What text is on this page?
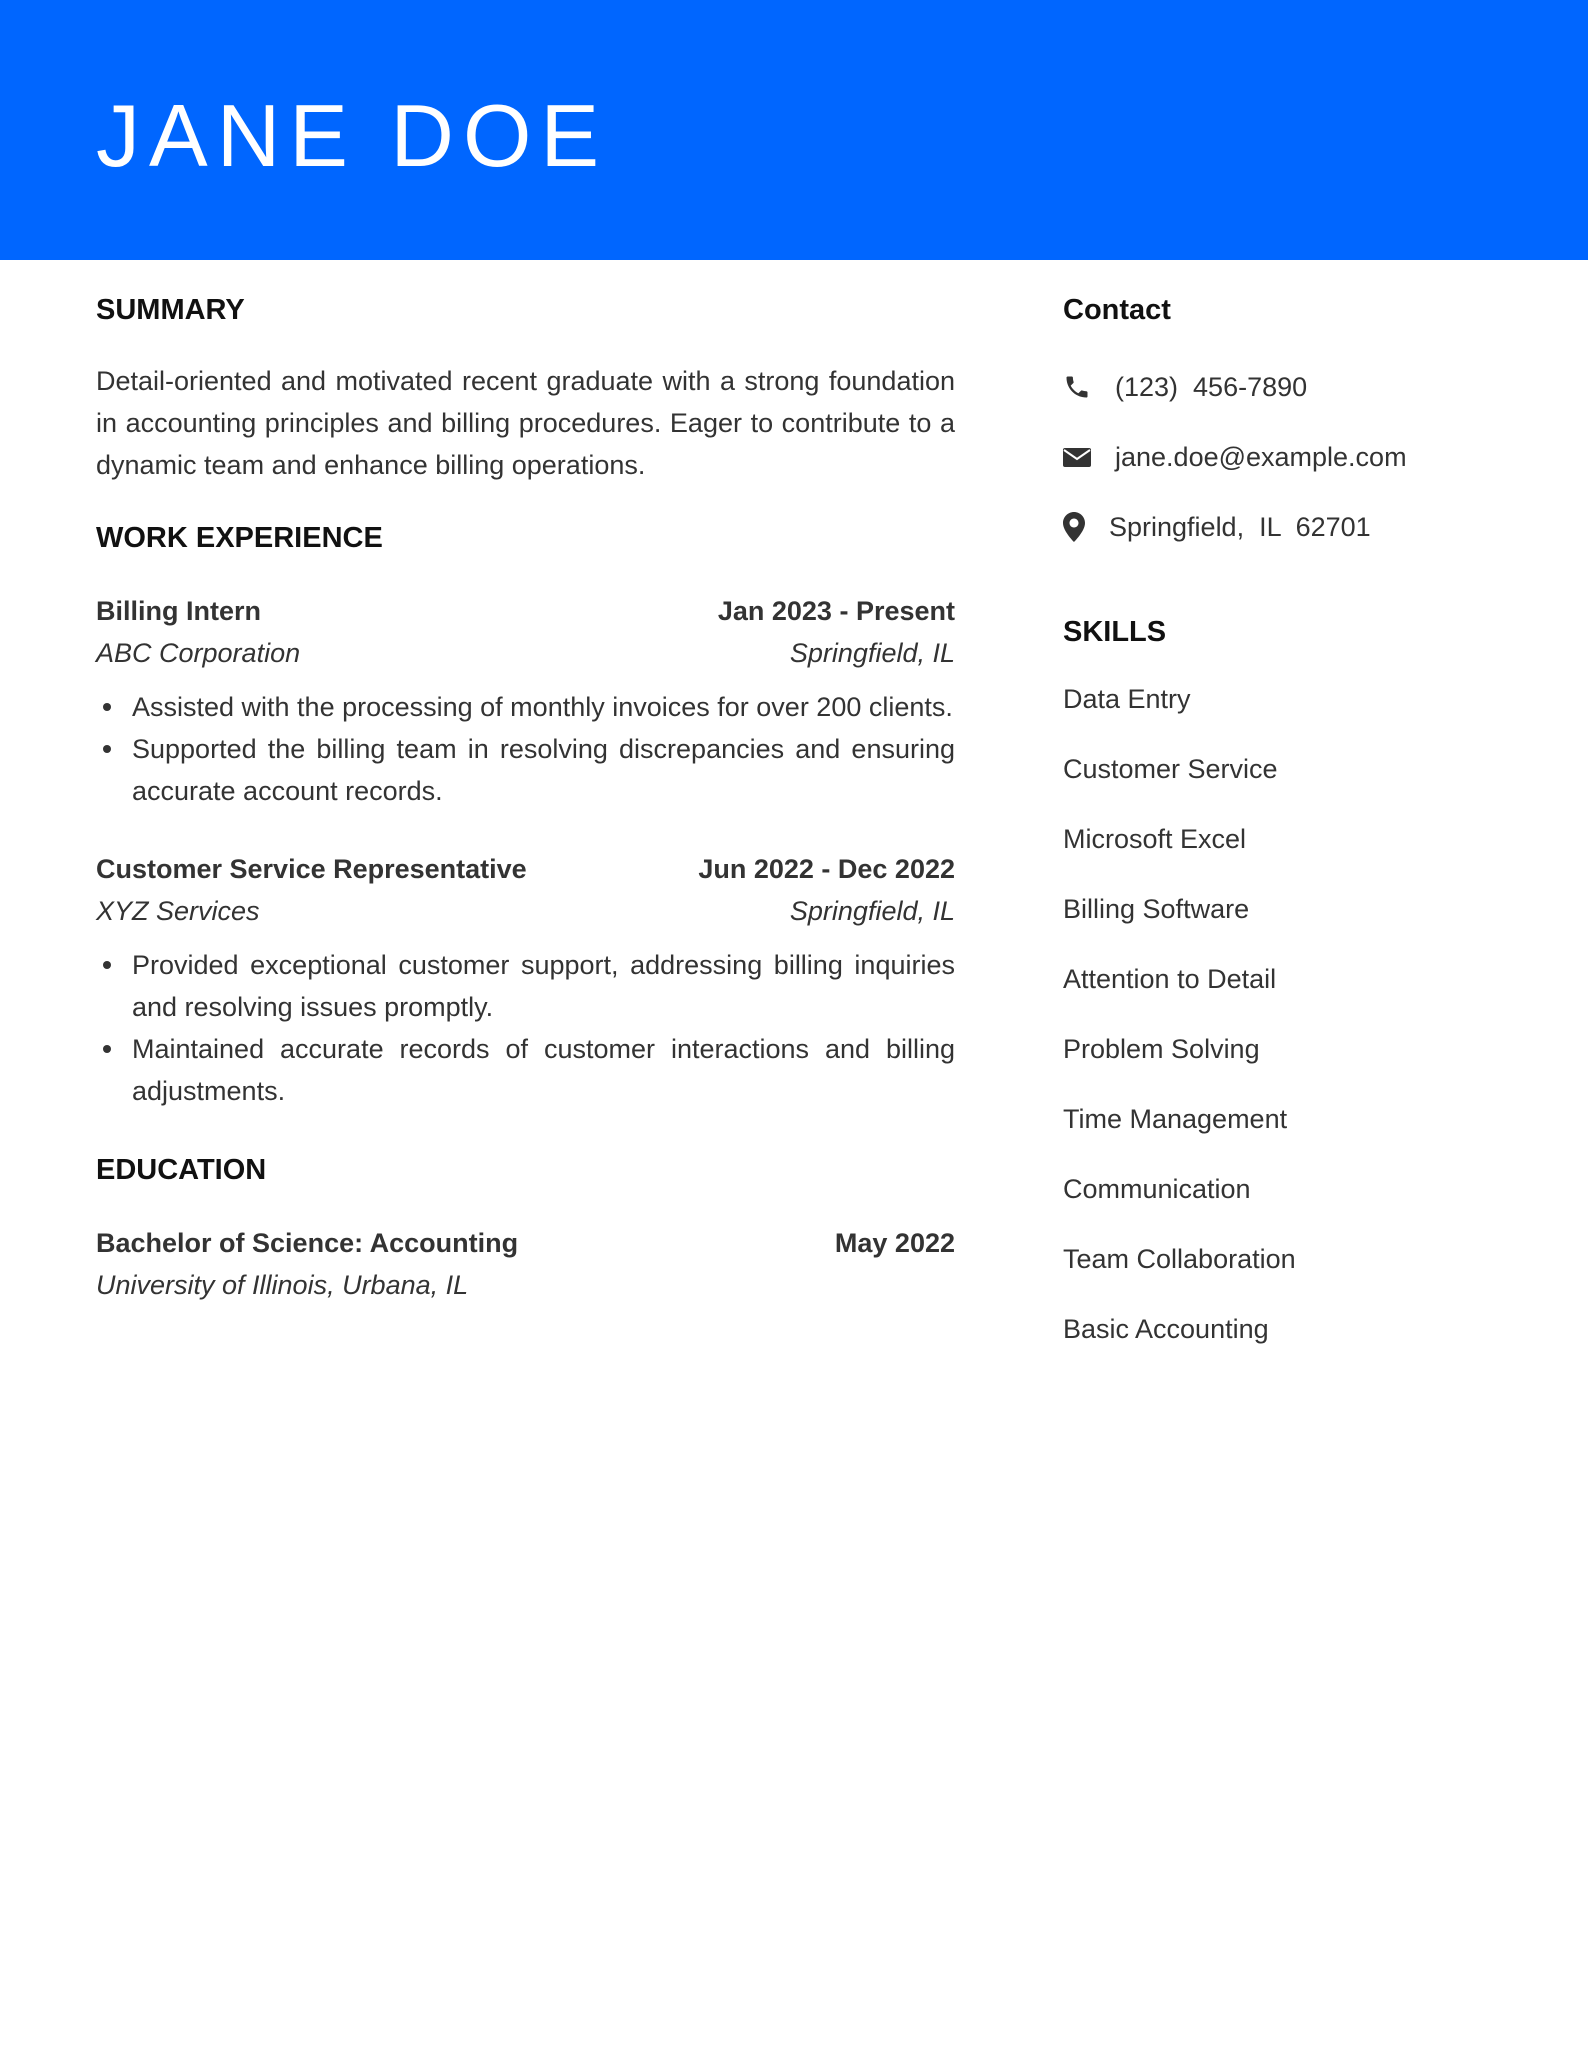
JANE DOE
SUMMARY

Detail-oriented and motivated recent graduate with a strong foundation in accounting principles and billing procedures. Eager to contribute to a dynamic team and enhance billing operations.

WORK EXPERIENCE
Billing Intern	Jan 2023 - Present
ABC Corporation	Springfield, IL
Assisted with the processing of monthly invoices for over 200 clients.
Supported the billing team in resolving discrepancies and ensuring accurate account records.
Customer Service Representative	Jun 2022 - Dec 2022
XYZ Services	Springfield, IL
Provided exceptional customer support, addressing billing inquiries and resolving issues promptly.
Maintained accurate records of customer interactions and billing adjustments.
EDUCATION
Bachelor of Science: Accounting	May 2022
University of Illinois, Urbana, IL
Contact
(123)  456-7890
jane.doe@example.com
Springfield,  IL  62701
SKILLS
Data Entry
Customer Service
Microsoft Excel
Billing Software
Attention to Detail
Problem Solving
Time Management
Communication
Team Collaboration
Basic Accounting
